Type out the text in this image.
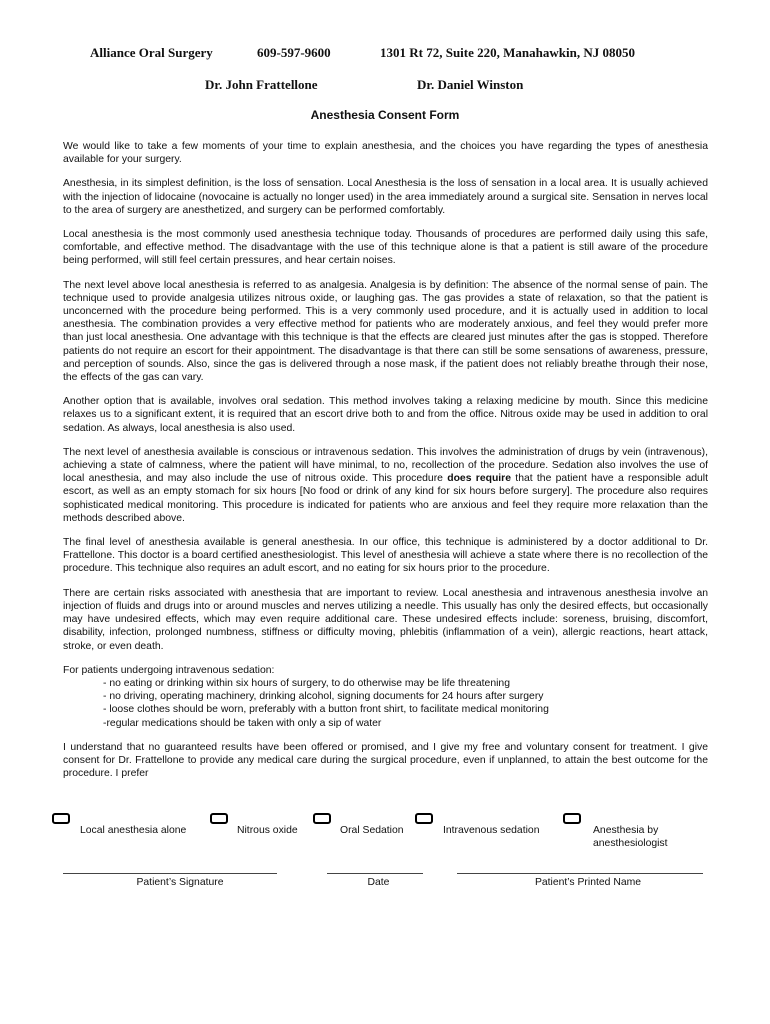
Alliance Oral Surgery	609-597-9600	1301 Rt 72, Suite 220, Manahawkin, NJ 08050
Dr. John Frattellone	Dr. Daniel Winston
Anesthesia Consent Form

We would like to take a few moments of your time to explain anesthesia, and the choices you have regarding the types of anesthesia available for your surgery.

Anesthesia, in its simplest definition, is the loss of sensation. Local Anesthesia is the loss of sensation in a local area. It is usually achieved with the injection of lidocaine (novocaine is actually no longer used) in the area immediately around a surgical site. Sensation in nerves local to the area of surgery are anesthetized, and surgery can be performed comfortably.

Local anesthesia is the most commonly used anesthesia technique today. Thousands of procedures are performed daily using this safe, comfortable, and effective method. The disadvantage with the use of this technique alone is that a patient is still aware of the procedure being performed, will still feel certain pressures, and hear certain noises.

The next level above local anesthesia is referred to as analgesia. Analgesia is by definition: The absence of the normal sense of pain. The technique used to provide analgesia utilizes nitrous oxide, or laughing gas. The gas provides a state of relaxation, so that the patient is unconcerned with the procedure being performed. This is a very commonly used procedure, and it is actually used in addition to local anesthesia. The combination provides a very effective method for patients who are moderately anxious, and feel they would prefer more than just local anesthesia. One advantage with this technique is that the effects are cleared just minutes after the gas is stopped. Therefore patients do not require an escort for their appointment. The disadvantage is that there can still be some sensations of awareness, pressure, and perception of sounds. Also, since the gas is delivered through a nose mask, if the patient does not reliably breathe through their nose, the effects of the gas can vary.

Another option that is available, involves oral sedation. This method involves taking a relaxing medicine by mouth. Since this medicine relaxes us to a significant extent, it is required that an escort drive both to and from the office. Nitrous oxide may be used in addition to oral sedation. As always, local anesthesia is also used.

The next level of anesthesia available is conscious or intravenous sedation. This involves the administration of drugs by vein (intravenous), achieving a state of calmness, where the patient will have minimal, to no, recollection of the procedure. Sedation also involves the use of local anesthesia, and may also include the use of nitrous oxide. This procedure does require that the patient have a responsible adult escort, as well as an empty stomach for six hours [No food or drink of any kind for six hours before surgery]. The procedure also requires sophisticated medical monitoring. This procedure is indicated for patients who are anxious and feel they require more relaxation than the methods described above.

The final level of anesthesia available is general anesthesia. In our office, this technique is administered by a doctor additional to Dr. Frattellone. This doctor is a board certified anesthesiologist. This level of anesthesia will achieve a state where there is no recollection of the procedure. This technique also requires an adult escort, and no eating for six hours prior to the procedure.

There are certain risks associated with anesthesia that are important to review. Local anesthesia and intravenous anesthesia involve an injection of fluids and drugs into or around muscles and nerves utilizing a needle. This usually has only the desired effects, but occasionally may have undesired effects, which may even require additional care. These undesired effects include: soreness, bruising, discomfort, disability, infection, prolonged numbness, stiffness or difficulty moving, phlebitis (inflammation of a vein), allergic reactions, heart attack, stroke, or even death.

For patients undergoing intravenous sedation:
- no eating or drinking within six hours of surgery, to do otherwise may be life threatening
- no driving, operating machinery, drinking alcohol, signing documents for 24 hours after surgery
- loose clothes should be worn, preferably with a button front shirt, to facilitate medical monitoring
-regular medications should be taken with only a sip of water

I understand that no guaranteed results have been offered or promised, and I give my free and voluntary consent for treatment. I give consent for Dr. Frattellone to provide any medical care during the surgical procedure, even if unplanned, to attain the best outcome for the procedure. I prefer

Local anesthesia alone	Nitrous oxide	Oral Sedation	Intravenous sedation	Anesthesia by anesthesiologist
Patient’s Signature	Date	Patient’s Printed Name
